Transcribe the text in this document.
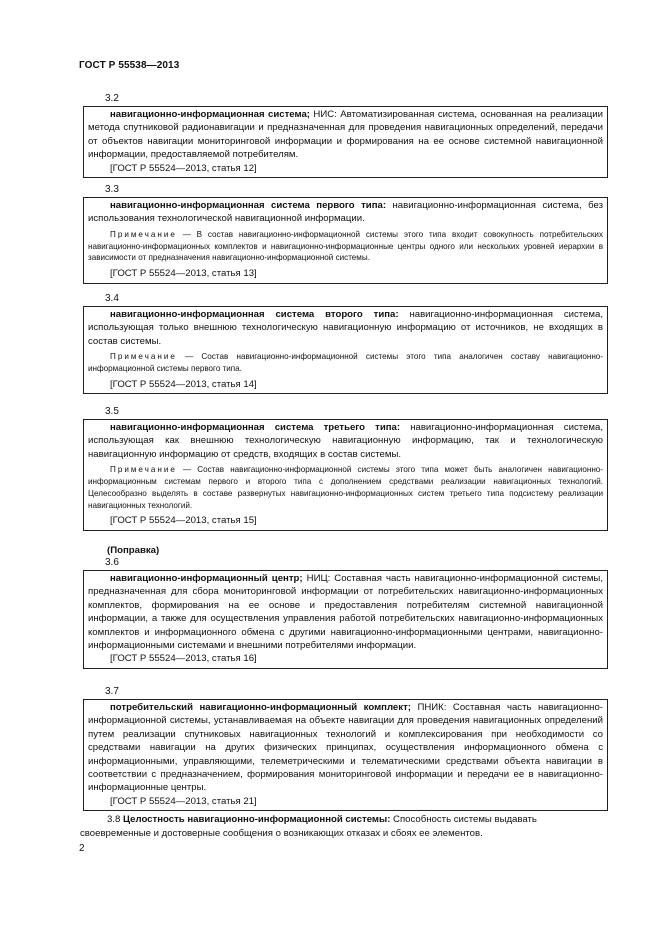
ГОСТ Р 55538—2013
3.2

навигационно-информационная система; НИС: Автоматизированная система, основанная на реализации метода спутниковой радионавигации и предназначенная для проведения навигационных определений, передачи от объектов навигации мониторинговой информации и формирования на ее основе системной навигационной информации, предоставляемой потребителям.

[ГОСТ Р 55524—2013, статья 12]

3.3

навигационно-информационная система первого типа: навигационно-информационная система, без использования технологической навигационной информации.

Примечание — В состав навигационно-информационной системы этого типа входит совокупность потребительских навигационно-информационных комплектов и навигационно-информационные центры одного или нескольких уровней иерархии в зависимости от предназначения навигационно-информационной системы.

[ГОСТ Р 55524—2013, статья 13]

3.4

навигационно-информационная система второго типа: навигационно-информационная система, использующая только внешнюю технологическую навигационную информацию от источников, не входящих в состав системы.

Примечание — Состав навигационно-информационной системы этого типа аналогичен составу навигационно-информационной системы первого типа.

[ГОСТ Р 55524—2013, статья 14]

3.5

навигационно-информационная система третьего типа: навигационно-информационная система, использующая как внешнюю технологическую навигационную информацию, так и технологическую навигационную информацию от средств, входящих в состав системы.

Примечание — Состав навигационно-информационной системы этого типа может быть аналогичен навигационно-информационным системам первого и второго типа с дополнением средствами реализации навигационных технологий. Целесообразно выделять в составе развернутых навигационно-информационных систем третьего типа подсистему реализации навигационных технологий.

[ГОСТ Р 55524—2013, статья 15]

(Поправка)
3.6

навигационно-информационный центр; НИЦ: Составная часть навигационно-информационной системы, предназначенная для сбора мониторинговой информации от потребительских навигационно-информационных комплектов, формирования на ее основе и предоставления потребителям системной навигационной информации, а также для осуществления управления работой потребительских навигационно-информационных комплектов и информационного обмена с другими навигационно-информационными центрами, навигационно-информационными системами и внешними потребителями информации.

[ГОСТ Р 55524—2013, статья 16]

3.7

потребительский навигационно-информационный комплект; ПНИК: Составная часть навигационно-информационной системы, устанавливаемая на объекте навигации для проведения навигационных определений путем реализации спутниковых навигационных технологий и комплексирования при необходимости со средствами навигации на других физических принципах, осуществления информационного обмена с информационными, управляющими, телеметрическими и телематическими средствами объекта навигации в соответствии с предназначением, формирования мониторинговой информации и передачи ее в навигационно-информационные центры.

[ГОСТ Р 55524—2013, статья 21]

3.8 Целостность навигационно-информационной системы: Способность системы выдавать
своевременные и достоверные сообщения о возникающих отказах и сбоях ее элементов.
2
